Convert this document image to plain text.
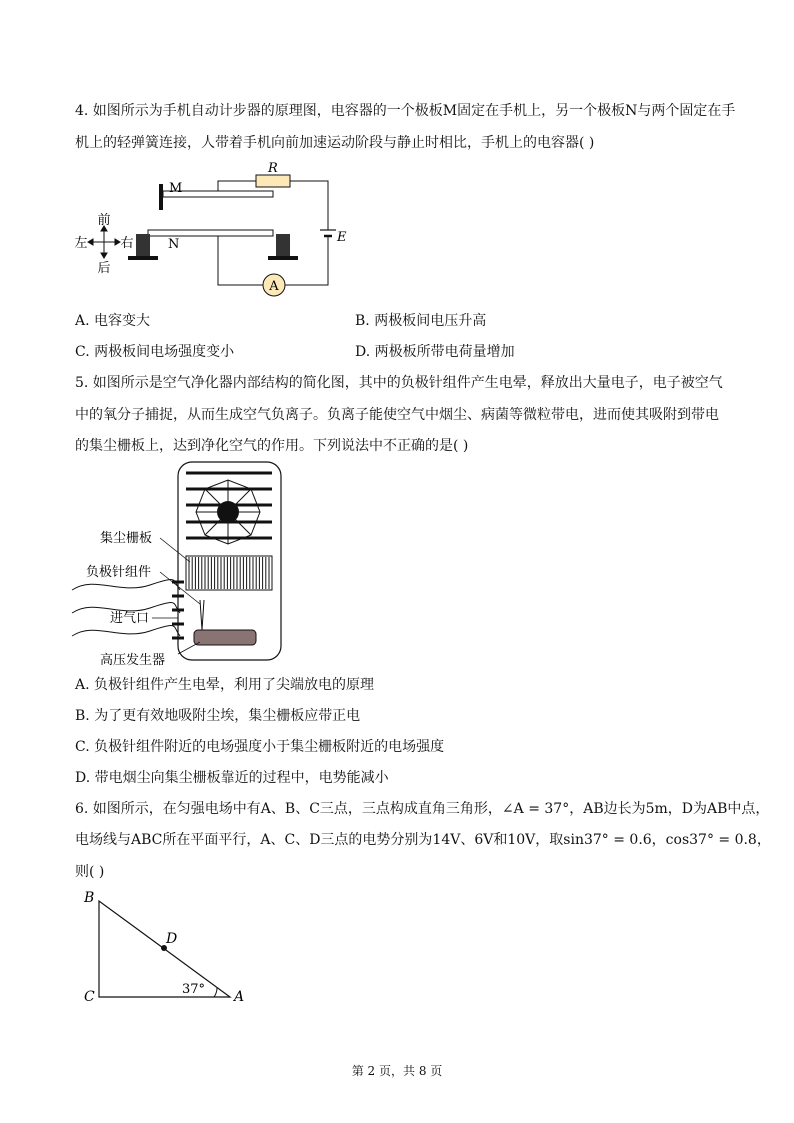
4. 如图所示为手机自动计步器的原理图，电容器的一个极板M固定在手机上，另一个极板N与两个固定在手
机上的轻弹簧连接，人带着手机向前加速运动阶段与静止时相比，手机上的电容器( )
A
M
N
R
E
前
后
左	右
A. 电容变大	B. 两极板间电压升高
C. 两极板间电场强度变小	D. 两极板所带电荷量增加
5. 如图所示是空气净化器内部结构的简化图，其中的负极针组件产生电晕，释放出大量电子，电子被空气
中的氧分子捕捉，从而生成空气负离子。负离子能使空气中烟尘、病菌等微粒带电，进而使其吸附到带电
的集尘栅板上，达到净化空气的作用。下列说法中不正确的是( )
集尘栅板
负极针组件
进气口
高压发生器
A. 负极针组件产生电晕，利用了尖端放电的原理
B. 为了更有效地吸附尘埃，集尘栅板应带正电
C. 负极针组件附近的电场强度小于集尘栅板附近的电场强度
D. 带电烟尘向集尘栅板靠近的过程中，电势能减小
6. 如图所示，在匀强电场中有A、B、C三点，三点构成直角三角形，∠A = 37°，AB边长为5m，D为AB中点，
电场线与ABC所在平面平行，A、C、D三点的电势分别为14V、6V和10V，取sin37° = 0.6，cos37° = 0.8，
则( )
B
C
D
A
37°
第 2 页，共 8 页
